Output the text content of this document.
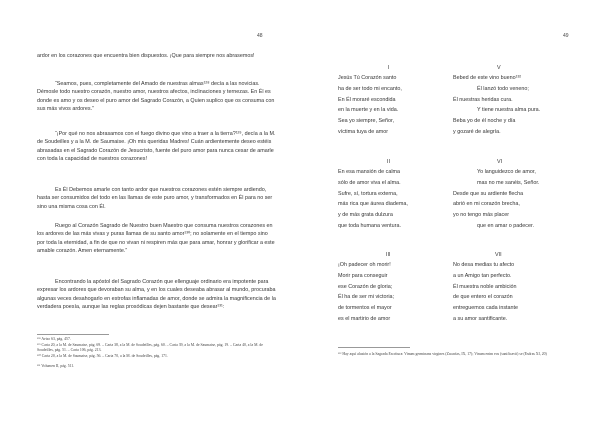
48

ardor en los corazones que encuentra bien dispuestos. ¡Que para siempre nos abrasemos!

“Seamos, pues, completamente del Amado de nuestras almas¹²⁸ decía a las novicias. Démosle todo nuestro corazón, nuestro amor, nuestros afectos, inclinaciones y ternezas. En Él es donde es amo y os deseo el puro amor del Sagrado Corazón, a Quien suplico que os consuma con sus más vivos ardores.”

“¡Por qué no nos abrasamos con el fuego divino que vino a traer a la tierra?¹²⁹, decía a la M. de Soudeilles y a la M. de Saumaise. ¡Oh mis queridas Madres! Cuán ardientemente deseo estéis abrasadas en el Sagrado Corazón de Jesucristo, fuente del puro amor para nunca cesar de amarle con toda la capacidad de nuestros corazones!

Es Él Debemos amarle con tanto ardor que nuestros corazones estén siempre ardiendo, hasta ser consumidos del todo en las llamas de este puro amor, y transformados en Él para no ser sino una misma cosa con Él.

Ruego al Corazón Sagrado de Nuestro buen Maestro que consuma nuestros corazones en los ardores de las más vivas y puras llamas de su santo amor¹³⁰; no solamente en el tiempo sino por toda la eternidad, a fin de que no vivan ni respiren más que para amar, honrar y glorificar a este amable corazón. Amen eternamente.”

Encontrando la apóstol del Sagrado Corazón que ellenguaje ordinario era impotente para expresar los ardores que devoraban su alma, y en los cuales deseaba abrasar al mundo, procuraba algunas veces desahogarlo en estrofas inflamadas de amor, donde se admira la magnificencia de la verdadera poesía, aunque las reglas prosódicas dejen bastante que desear¹³¹:

¹²⁸ Aviso 63, pág. 457.
¹²⁹ Carta 20, a la M. de Saumaise, pág. 69. – Carta 38, a la M. de Soudeilles, pág. 60. – Carta 39, a la M. de Saumaise, pág. 19. – Carta 40, a la M. de Soudeilles, pág. 51. – Carta 106, pág. 213.
¹³⁰ Carta 20, a la M. de Saumaise, pág. 56. – Carta 70, a la M. de Soudeilles, pág. 171.
¹³¹ Volumen II, pág. 511.
49
I
Jesús Tú Corazón santo
ha de ser todo mi encanto,
En Él moraré escondida
en la muerte y en la vida.
Sea yo siempre, Señor,
víctima tuya de amor
V
Bebed de este vino bueno¹³²
Él lanzó todo veneno;
Él nuestras heridas cura.
Y tiene nuestra alma pura.
Beba yo de él noche y día
y gozaré de alegría.
II
En esa mansión de calma
sólo de amor viva el alma.
Sufre, sí, tortura externa,
más rica que áurea diadema,
y de más grata dulzura
que toda humana ventura.
VI
Yo languidezco de amor,
mas no me sanéis, Señor.
Desde que su ardiente flecha
abrió en mi corazón brecha,
yo no tengo más placer
que en amar o padecer.
III
¡Oh padecer oh morir!
Morir para conseguir
ese Corazón de gloria;
Él ha de ser mi victoria;
de tormentos el mayor
es el martirio de amor
VII
No desa medias tu afecto
a un Amigo tan perfecto.
Él muestra noble ambición
de que entero el corazón
entreguemos cada instante
a su amor santificante.
¹³² Hay aquí alusión a la Sagrada Escritura: Vinum germinans virgines (Zacarías, IX, 17); Vinum enim eos (sanificavit) se (Esdras XI, 20)
